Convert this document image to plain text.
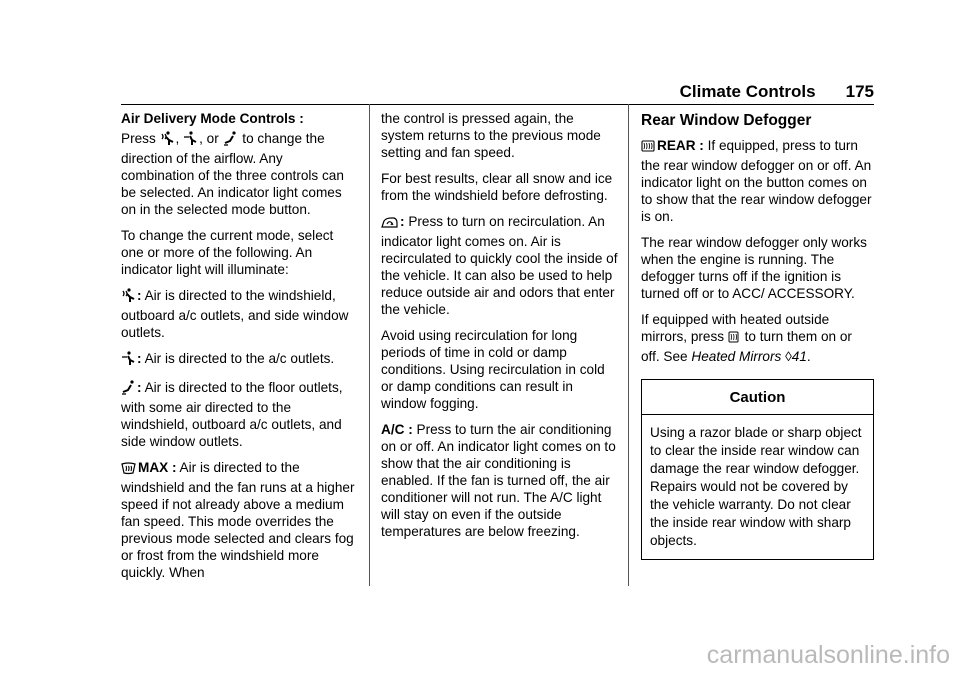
Climate Controls 175

Air Delivery Mode Controls :

Press , , or to change the direction of the airflow. Any combination of the three controls can be selected. An indicator light comes on in the selected mode button.

To change the current mode, select one or more of the following. An indicator light will illuminate:

: Air is directed to the windshield, outboard a/c outlets, and side window outlets.

: Air is directed to the a/c outlets.

: Air is directed to the floor outlets, with some air directed to the windshield, outboard a/c outlets, and side window outlets.

MAX : Air is directed to the windshield and the fan runs at a higher speed if not already above a medium fan speed. This mode overrides the previous mode selected and clears fog or frost from the windshield more quickly. When

the control is pressed again, the system returns to the previous mode setting and fan speed.

For best results, clear all snow and ice from the windshield before defrosting.

: Press to turn on recirculation. An indicator light comes on. Air is recirculated to quickly cool the inside of the vehicle. It can also be used to help reduce outside air and odors that enter the vehicle.

Avoid using recirculation for long periods of time in cold or damp conditions. Using recirculation in cold or damp conditions can result in window fogging.

A/C : Press to turn the air conditioning on or off. An indicator light comes on to show that the air conditioning is enabled. If the fan is turned off, the air conditioner will not run. The A/C light will stay on even if the outside temperatures are below freezing.

Rear Window Defogger

REAR : If equipped, press to turn the rear window defogger on or off. An indicator light on the button comes on to show that the rear window defogger is on.

The rear window defogger only works when the engine is running. The defogger turns off if the ignition is turned off or to ACC/ ACCESSORY.

If equipped with heated outside mirrors, press to turn them on or off. See Heated Mirrors ◊41.

Caution
Using a razor blade or sharp object to clear the inside rear window can damage the rear window defogger. Repairs would not be covered by the vehicle warranty. Do not clear the inside rear window with sharp objects.
carmanualsonline.info
